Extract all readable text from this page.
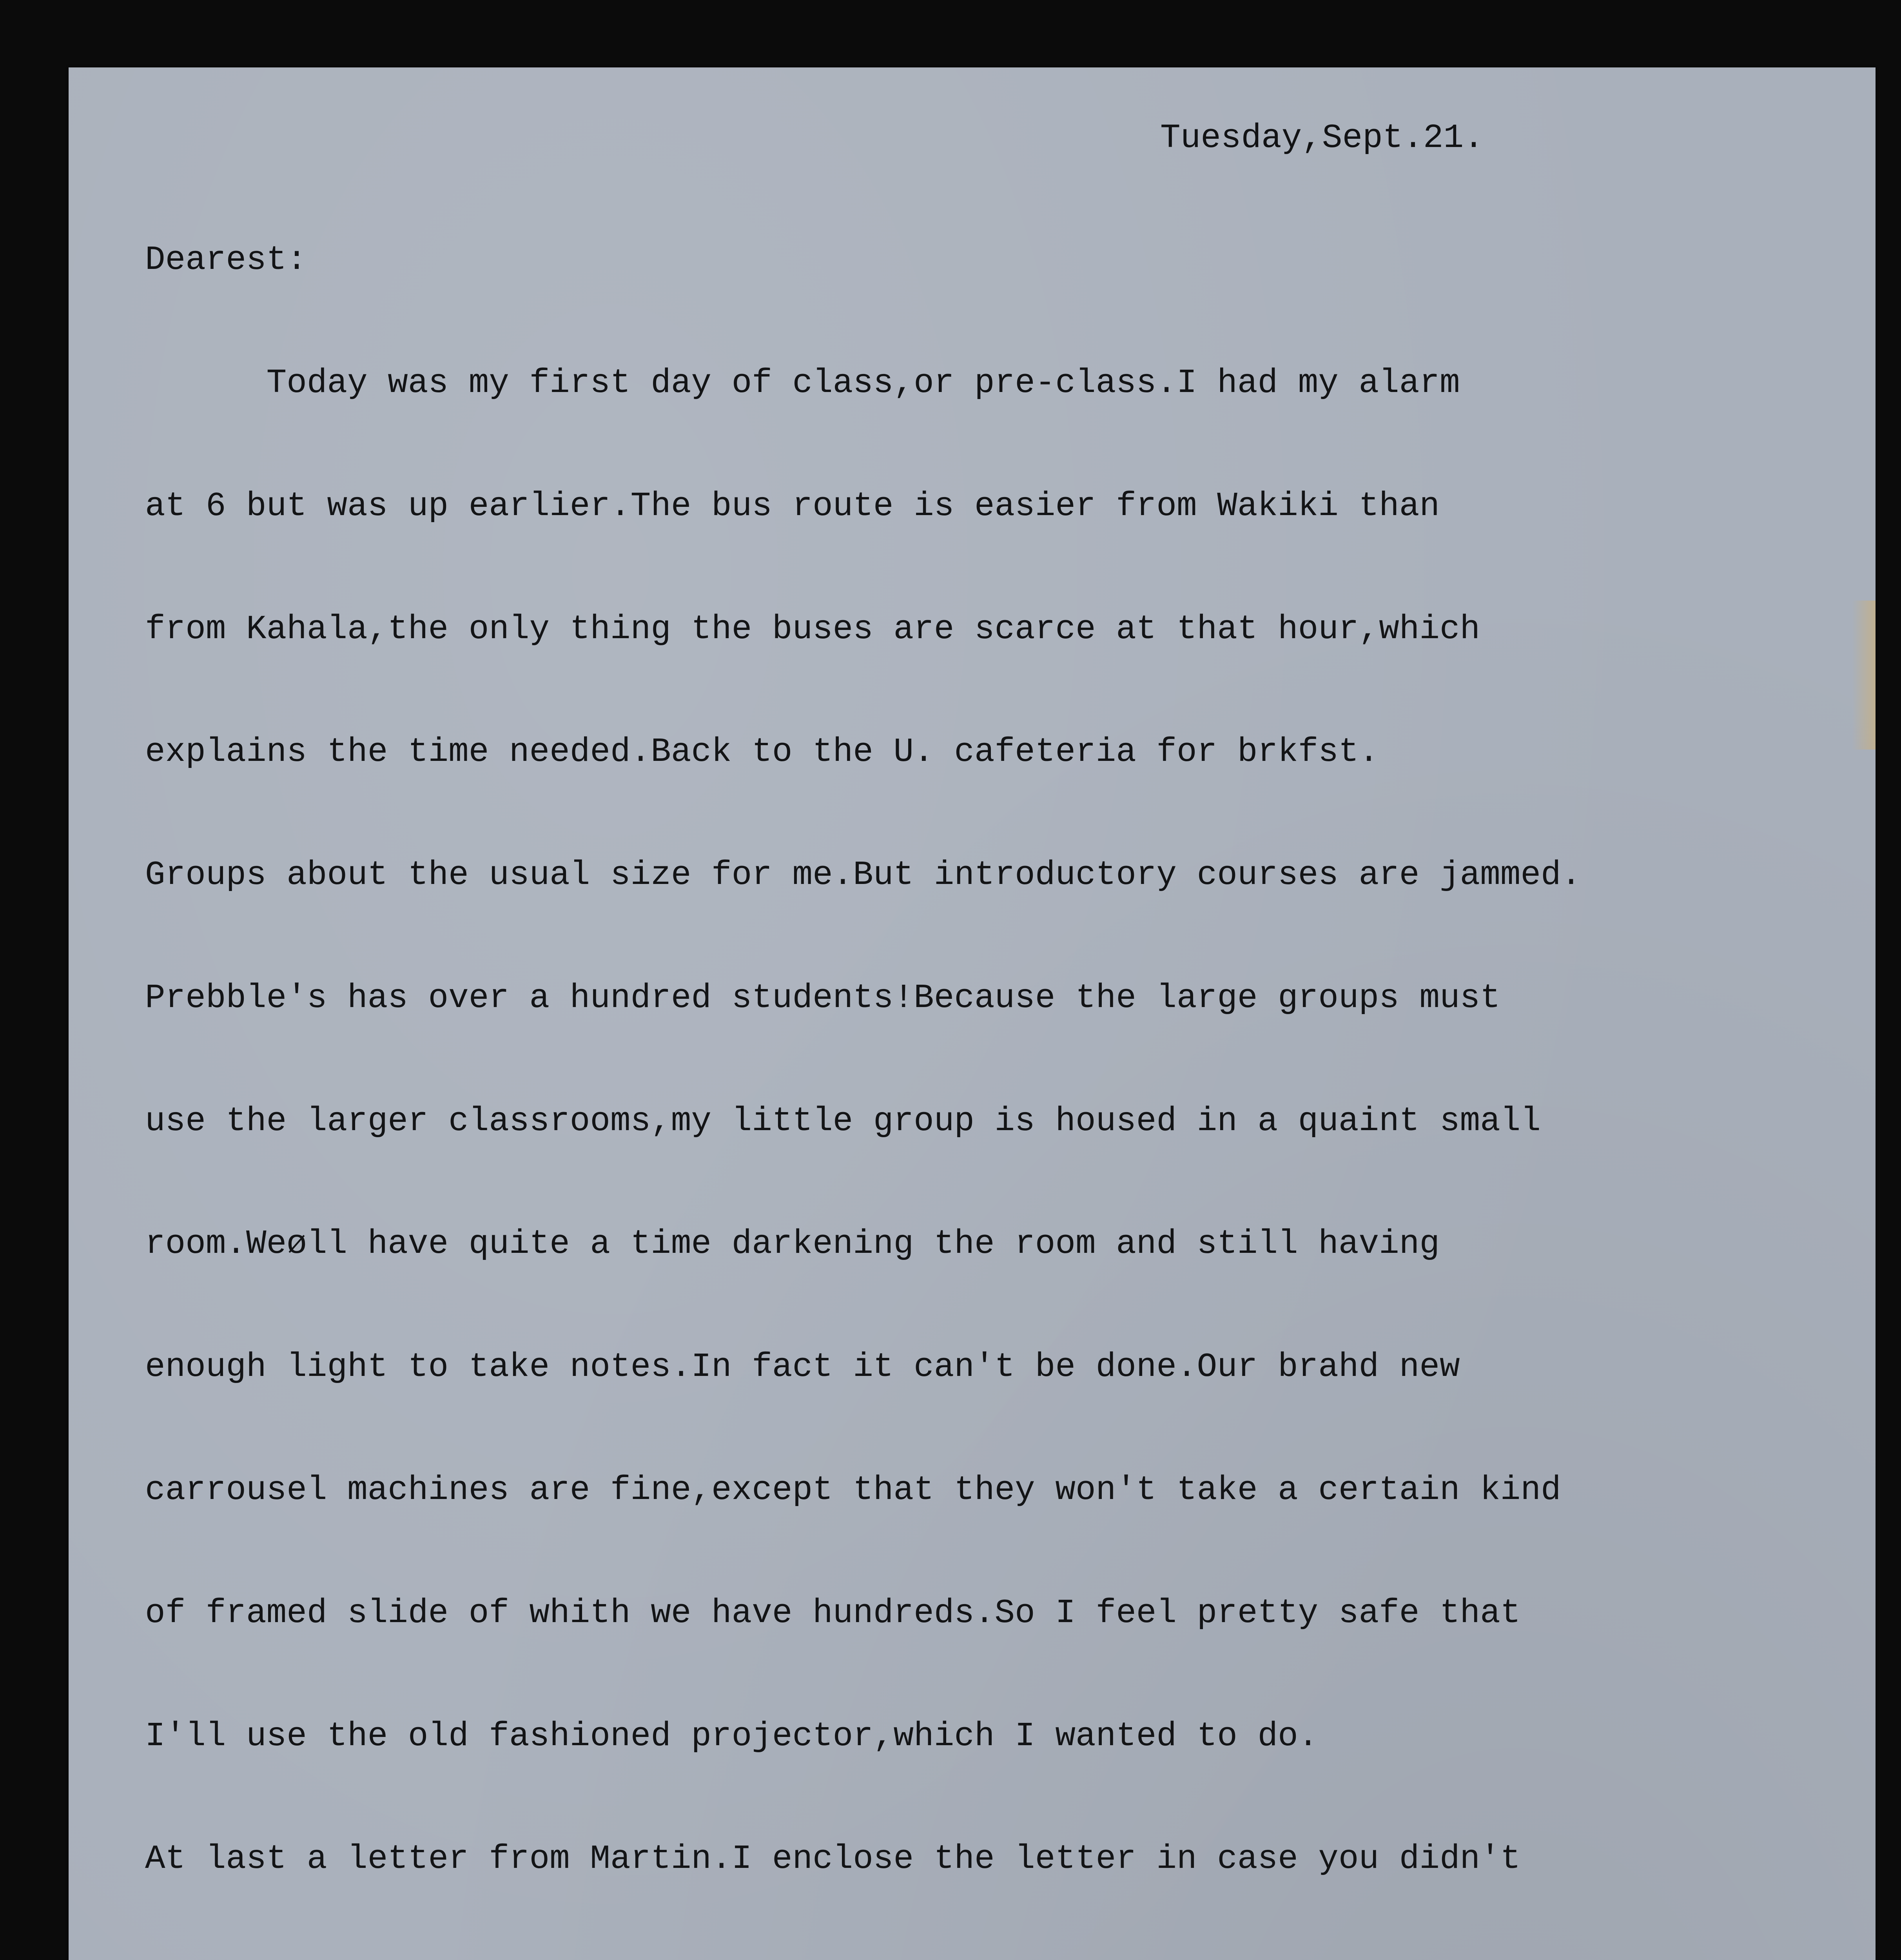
Tuesday,Sept.21.

Dearest:

Today was my first day of class,or pre-class.I had my alarm

at 6 but was up earlier.The bus route is easier from Wakiki than

from Kahala,the only thing the buses are scarce at that hour,which

explains the time needed.Back to the U. cafeteria for brkfst.

Groups about the usual size for me.But introductory courses are jammed.

Prebble's has over a hundred students!Because the large groups must

use the larger classrooms,my little group is housed in a quaint small

room.Weøll have quite a time darkening the room and still having

enough light to take notes.In fact it can't be done.Our brahd new

carrousel machines are fine,except that they won't take a certain kind

of framed slide of whith we have hundreds.So I feel pretty safe that

I'll use the old fashioned projector,which I wanted to do.

At last a letter from Martin.I enclose the letter in case you didn't
